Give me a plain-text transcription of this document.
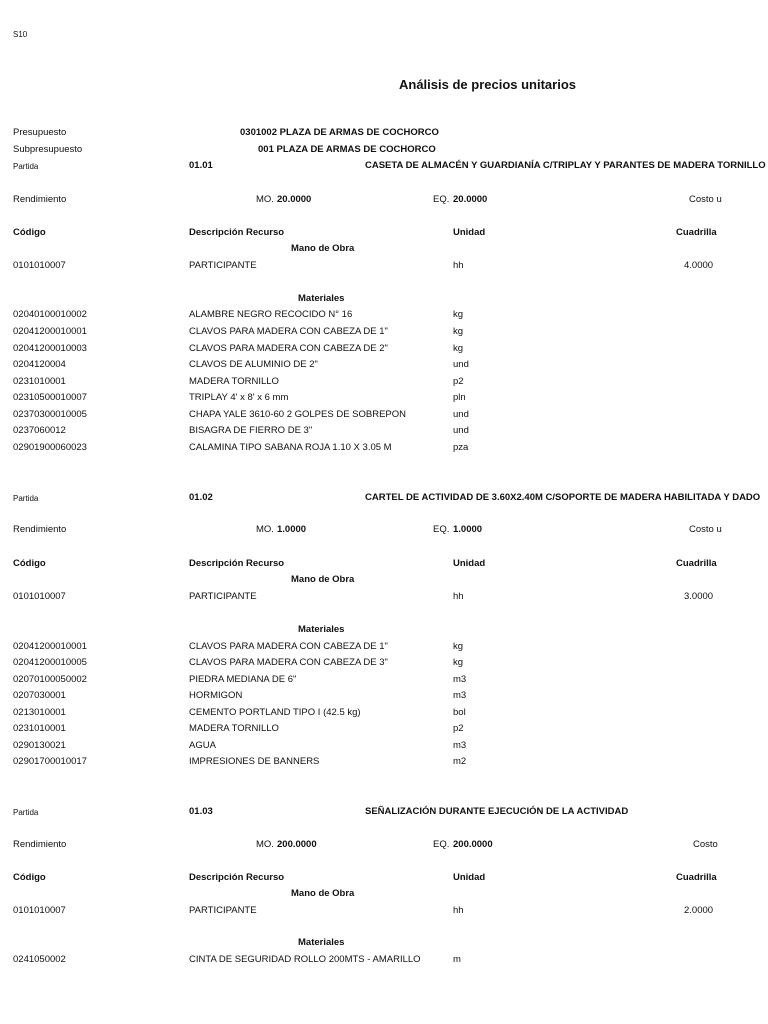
S10
Análisis de precios unitarios
Presupuesto	0301002 PLAZA DE ARMAS DE COCHORCO
Subpresupuesto	001 PLAZA DE ARMAS DE COCHORCO
Partida	01.01	CASETA DE ALMACÉN Y GUARDIANÍA C/TRIPLAY Y PARANTES DE MADERA TORNILLO
Rendimiento	MO. 20.0000	EQ. 20.0000	Costo u
Código	Descripción Recurso	Unidad	Cuadrilla
Mano de Obra
0101010007	PARTICIPANTE	hh	4.0000
Materiales
02040100010002	ALAMBRE NEGRO RECOCIDO N° 16	kg
02041200010001	CLAVOS PARA MADERA CON CABEZA DE 1"	kg
02041200010003	CLAVOS PARA MADERA CON CABEZA DE 2"	kg
0204120004	CLAVOS DE ALUMINIO DE 2"	und
0231010001	MADERA TORNILLO	p2
02310500010007	TRIPLAY 4' x 8' x 6 mm	pln
02370300010005	CHAPA YALE 3610-60 2 GOLPES DE SOBREPON	und
0237060012	BISAGRA DE FIERRO DE 3"	und
02901900060023	CALAMINA TIPO SABANA ROJA 1.10 X 3.05 M	pza
Partida	01.02	CARTEL DE ACTIVIDAD DE 3.60X2.40M C/SOPORTE DE MADERA HABILITADA Y DADO
Rendimiento	MO. 1.0000	EQ. 1.0000	Costo u
Código	Descripción Recurso	Unidad	Cuadrilla
Mano de Obra
0101010007	PARTICIPANTE	hh	3.0000
Materiales
02041200010001	CLAVOS PARA MADERA CON CABEZA DE 1"	kg
02041200010005	CLAVOS PARA MADERA CON CABEZA DE 3"	kg
02070100050002	PIEDRA MEDIANA DE 6"	m3
0207030001	HORMIGON	m3
0213010001	CEMENTO PORTLAND TIPO I (42.5 kg)	bol
0231010001	MADERA TORNILLO	p2
0290130021	AGUA	m3
02901700010017	IMPRESIONES DE BANNERS	m2
Partida	01.03	SEÑALIZACIÓN DURANTE EJECUCIÓN DE LA ACTIVIDAD
Rendimiento	MO. 200.0000	EQ. 200.0000	Costo
Código	Descripción Recurso	Unidad	Cuadrilla
Mano de Obra
0101010007	PARTICIPANTE	hh	2.0000
Materiales
0241050002	CINTA DE SEGURIDAD ROLLO 200MTS - AMARILLO	m
